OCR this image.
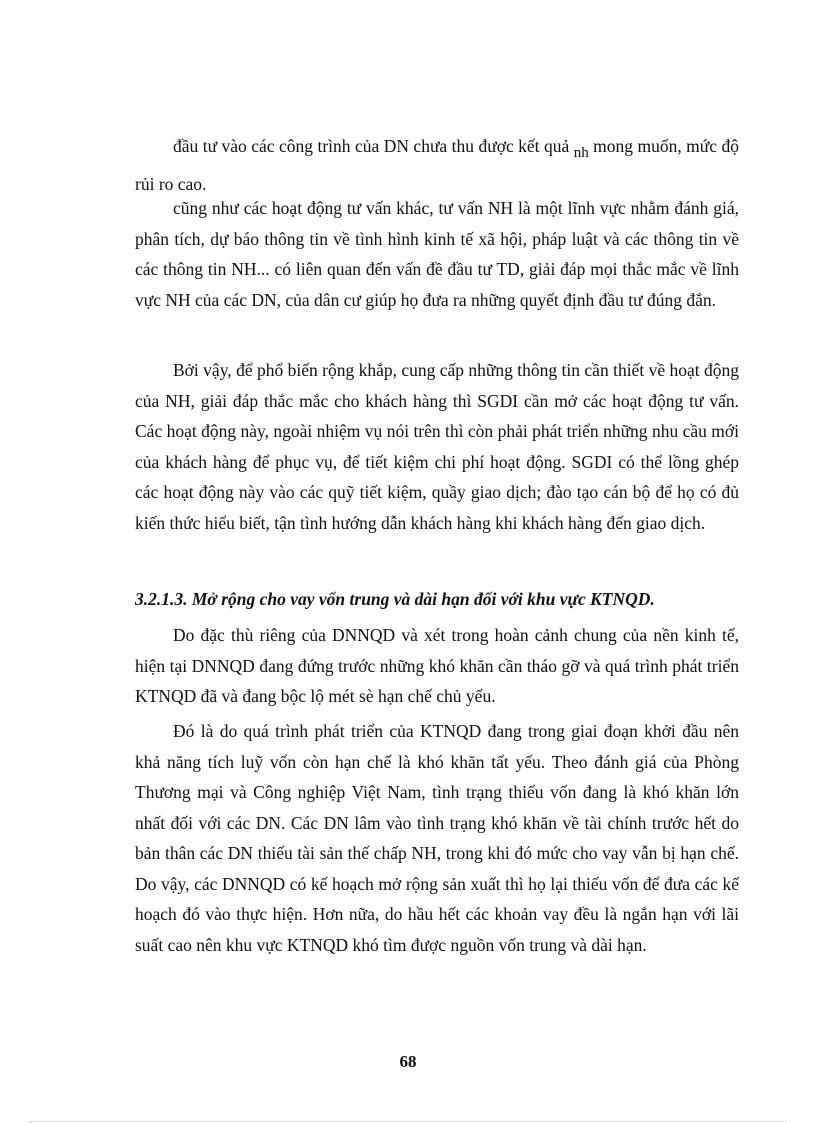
đầu tư vào các công trình của DN chưa thu được kết quả nh mong muốn, mức độ rủi ro cao.

cũng như các hoạt động tư vấn khác, tư vấn NH là một lĩnh vực nhằm đánh giá, phân tích, dự báo thông tin về tình hình kinh tế xã hội, pháp luật và các thông tin về các thông tin NH... có liên quan đến vấn đề đầu tư TD, giải đáp mọi thắc mắc về lĩnh vực NH của các DN, của dân cư giúp họ đưa ra những quyết định đầu tư đúng đắn.

Bởi vậy, để phổ biến rộng khắp, cung cấp những thông tin cần thiết về hoạt động của NH, giải đáp thắc mắc cho khách hàng thì SGDI cần mở các hoạt động tư vấn. Các hoạt động này, ngoài nhiệm vụ nói trên thì còn phải phát triển những nhu cầu mới của khách hàng để phục vụ, để tiết kiệm chi phí hoạt động. SGDI có thể lồng ghép các hoạt động này vào các quỹ tiết kiệm, quầy giao dịch; đào tạo cán bộ để họ có đủ kiến thức hiểu biết, tận tình hướng dẫn khách hàng khi khách hàng đến giao dịch.

3.2.1.3. Mở rộng cho vay vốn trung và dài hạn đối với khu vực KTNQD.

Do đặc thù riêng của DNNQD và xét trong hoàn cảnh chung của nền kinh tế, hiện tại DNNQD đang đứng trước những khó khăn cần tháo gỡ và quá trình phát triển KTNQD đã và đang bộc lộ mét sè hạn chế chủ yếu.

Đó là do quá trình phát triển của KTNQD đang trong giai đoạn khởi đầu nên khả năng tích luỹ vốn còn hạn chế là khó khăn tất yếu. Theo đánh giá của Phòng Thương mại và Công nghiệp Việt Nam, tình trạng thiếu vốn đang là khó khăn lớn nhất đối với các DN. Các DN lâm vào tình trạng khó khăn về tài chính trước hết do bản thân các DN thiếu tài sản thế chấp NH, trong khi đó mức cho vay vẫn bị hạn chế. Do vậy, các DNNQD có kế hoạch mở rộng sản xuất thì họ lại thiếu vốn để đưa các kế hoạch đó vào thực hiện. Hơn nữa, do hầu hết các khoản vay đều là ngắn hạn với lãi suất cao nên khu vực KTNQD khó tìm được nguồn vốn trung và dài hạn.

68
